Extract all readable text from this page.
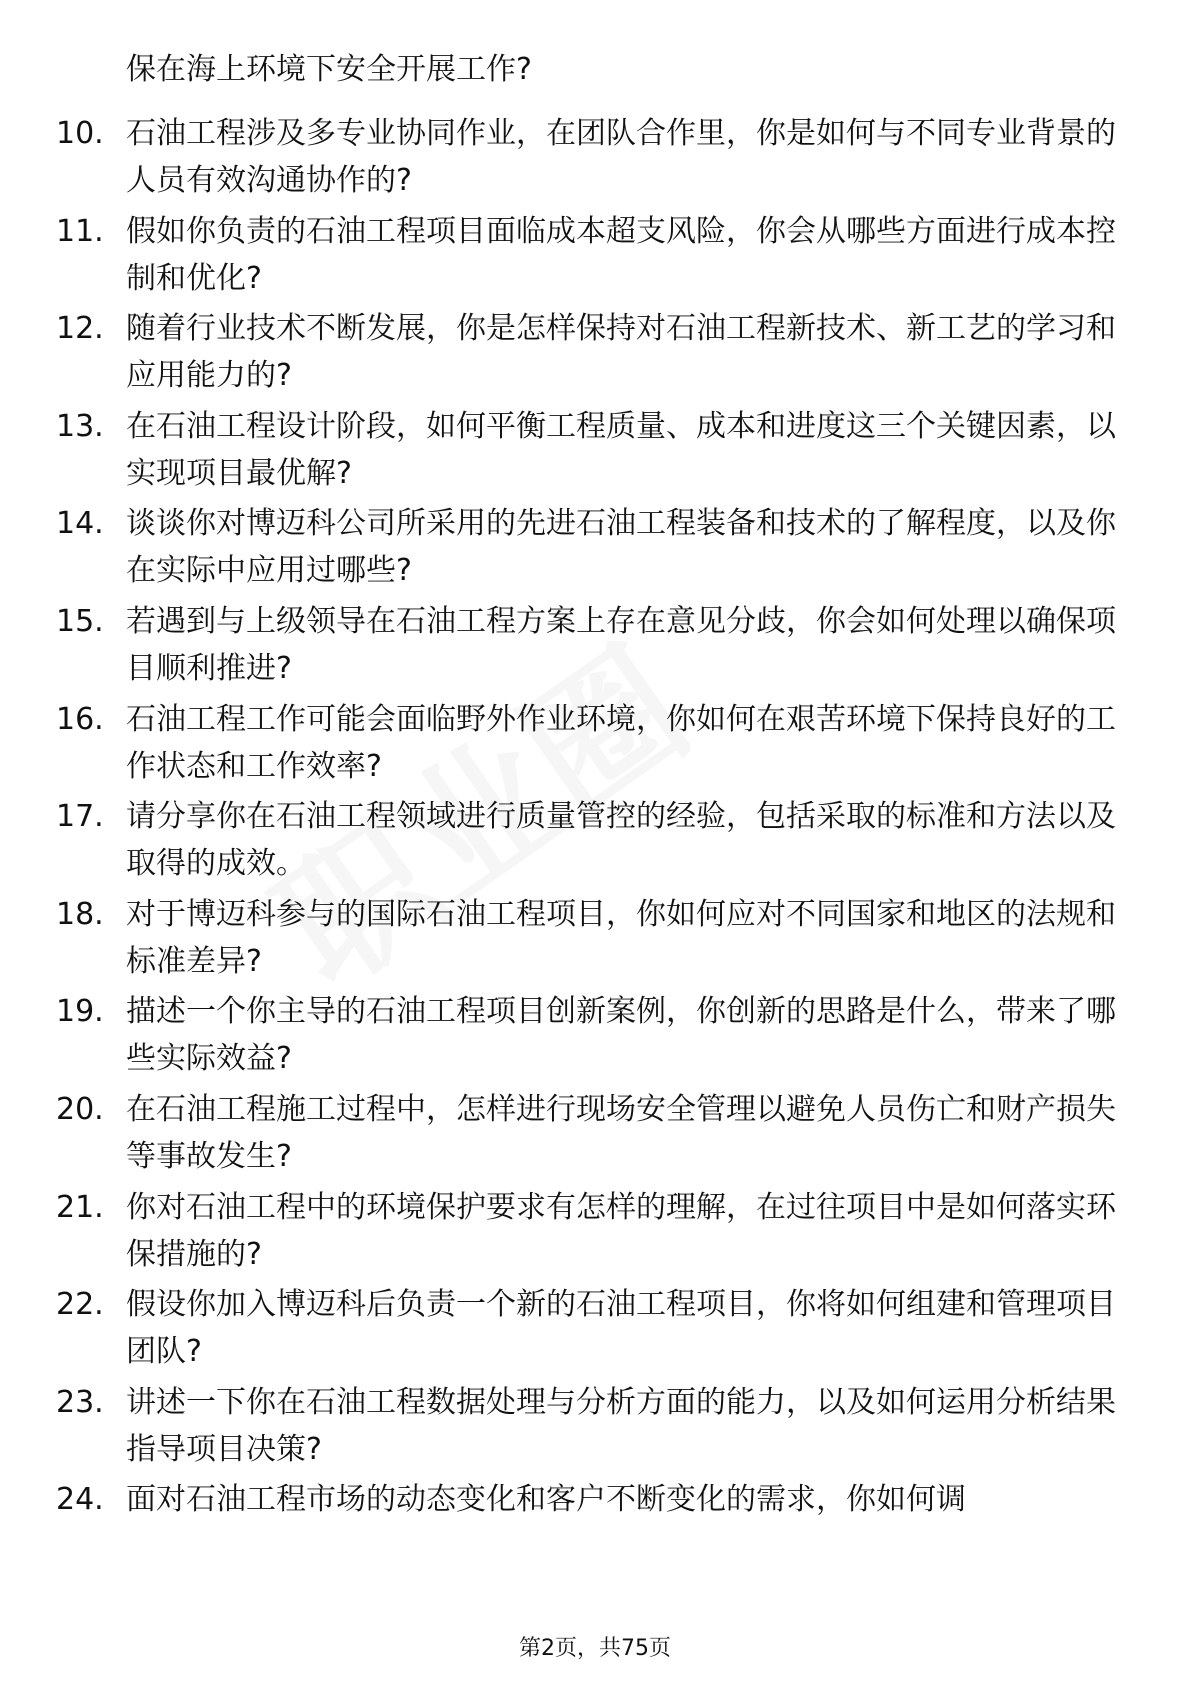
保在海上环境下安全开展工作?

10. 石油工程涉及多专业协同作业，在团队合作里，你是如何与不同专业背景的人员有效沟通协作的?
11. 假如你负责的石油工程项目面临成本超支风险，你会从哪些方面进行成本控制和优化?
12. 随着行业技术不断发展，你是怎样保持对石油工程新技术、新工艺的学习和应用能力的?
13. 在石油工程设计阶段，如何平衡工程质量、成本和进度这三个关键因素，以实现项目最优解?
14. 谈谈你对博迈科公司所采用的先进石油工程装备和技术的了解程度，以及你在实际中应用过哪些?
15. 若遇到与上级领导在石油工程方案上存在意见分歧，你会如何处理以确保项目顺利推进?
16. 石油工程工作可能会面临野外作业环境，你如何在艰苦环境下保持良好的工作状态和工作效率?
17. 请分享你在石油工程领域进行质量管控的经验，包括采取的标准和方法以及取得的成效。
18. 对于博迈科参与的国际石油工程项目，你如何应对不同国家和地区的法规和标准差异?
19. 描述一个你主导的石油工程项目创新案例，你创新的思路是什么，带来了哪些实际效益?
20. 在石油工程施工过程中，怎样进行现场安全管理以避免人员伤亡和财产损失等事故发生?
21. 你对石油工程中的环境保护要求有怎样的理解，在过往项目中是如何落实环保措施的?
22. 假设你加入博迈科后负责一个新的石油工程项目，你将如何组建和管理项目团队?
23. 讲述一下你在石油工程数据处理与分析方面的能力，以及如何运用分析结果指导项目决策?
24. 面对石油工程市场的动态变化和客户不断变化的需求，你如何调
第2页，共75页
